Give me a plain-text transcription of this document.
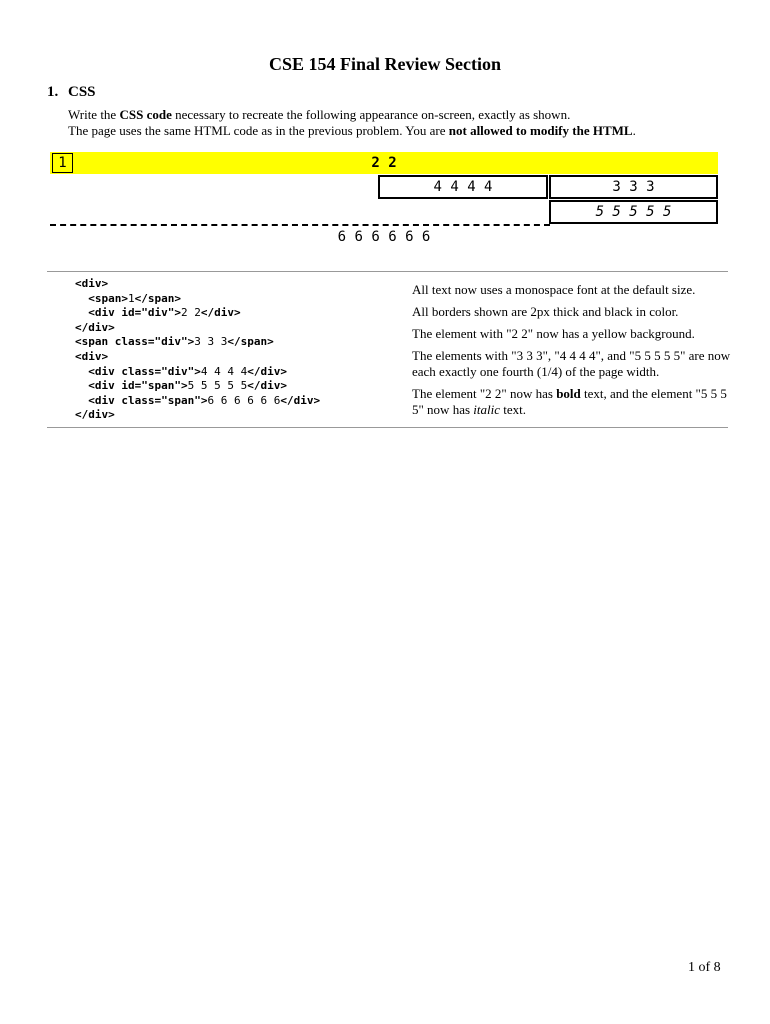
CSE 154 Final Review Section
1. CSS
Write the CSS code necessary to recreate the following appearance on-screen, exactly as shown.
The page uses the same HTML code as in the previous problem. You are not allowed to modify the HTML.
1	2 2
4 4 4 4	3 3 3
5 5 5 5 5
6 6 6 6 6 6
<div>
<span>1</span>
<div id="div">2 2</div>
</div>
<span class="div">3 3 3</span>
<div>
<div class="div">4 4 4 4</div>
<div id="span">5 5 5 5 5</div>
<div class="span">6 6 6 6 6 6</div>
</div>

All text now uses a monospace font at the default size.

All borders shown are 2px thick and black in color.

The element with "2 2" now has a yellow background.

The elements with "3 3 3", "4 4 4 4", and "5 5 5 5 5" are now each exactly one fourth (1/4) of the page width.

The element "2 2" now has bold text, and the element "5 5 5 5" now has italic text.

1 of 8
